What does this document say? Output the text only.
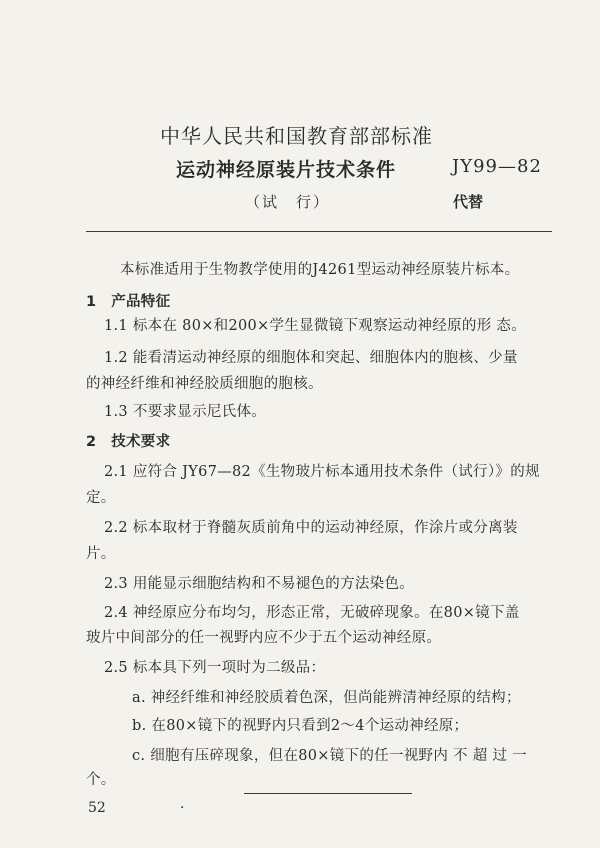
中华人民共和国教育部部标准
运动神经原装片技术条件	JY99—82
（试　行）	代替
本标准适用于生物教学使用的J4261型运动神经原装片标本。
1　产品特征
1.1 标本在 80×和200×学生显微镜下观察运动神经原的形 态。
1.2 能看清运动神经原的细胞体和突起、细胞体内的胞核、少量
的神经纤维和神经胶质细胞的胞核。
1.3 不要求显示尼氏体。
2　技术要求
2.1 应符合 JY67—82《生物玻片标本通用技术条件（试行）》的规
定。
2.2 标本取材于脊髓灰质前角中的运动神经原，作涂片或分离装
片。
2.3 用能显示细胞结构和不易褪色的方法染色。
2.4 神经原应分布均匀，形态正常，无破碎现象。在80×镜下盖
玻片中间部分的任一视野内应不少于五个运动神经原。
2.5 标本具下列一项时为二级品：
a. 神经纤维和神经胶质着色深，但尚能辨清神经原的结构；
b. 在80×镜下的视野内只看到2～4个运动神经原；
c. 细胞有压碎现象，但在80×镜下的任一视野内 不 超 过 一
个。
52	·
